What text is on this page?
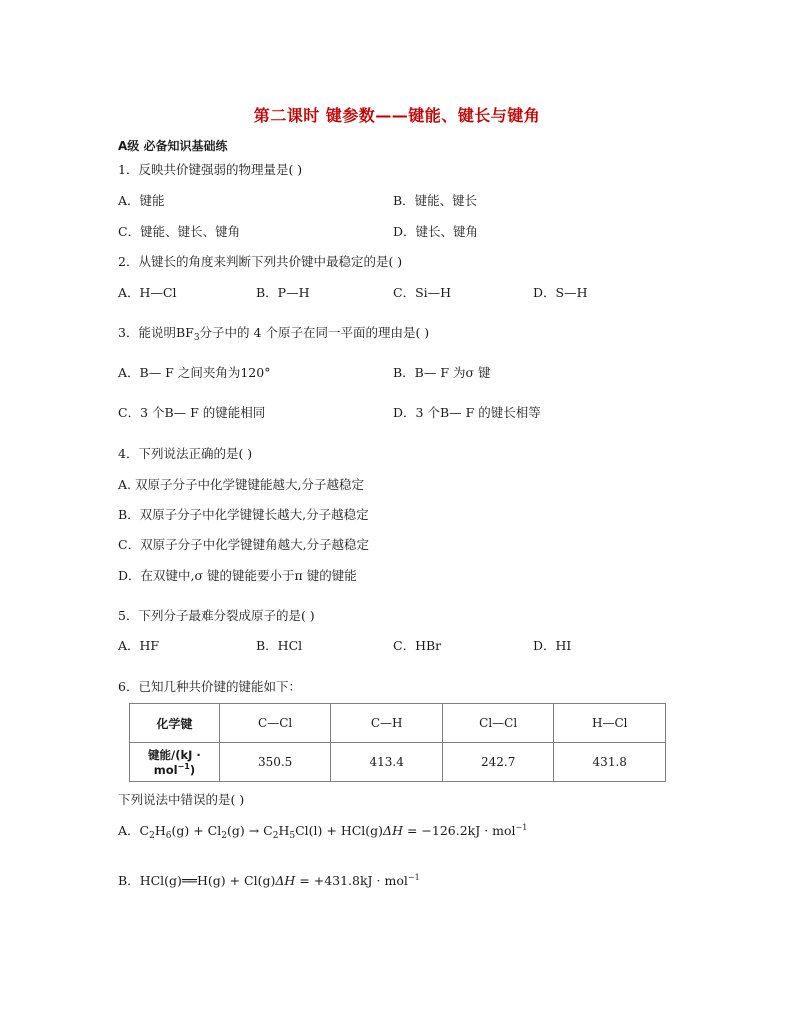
第二课时 键参数——键能、键长与键角
A级 必备知识基础练
1．反映共价键强弱的物理量是( )
A．键能	B．键能、键长
C．键能、键长、键角	D．键长、键角
2．从键长的角度来判断下列共价键中最稳定的是( )
A．H—Cl	B．P—H	C．Si—H	D．S—H
3．能说明$BF_3$分子中的 4 个原子在同一平面的理由是( )
A．B— F 之间夹角为120°	B．B— F 为σ 键
C．3 个B— F 的键能相同	D．3 个B— F 的键长相等
4．下列说法正确的是( )
A. 双原子分子中化学键键能越大,分子越稳定
B．双原子分子中化学键键长越大,分子越稳定
C．双原子分子中化学键键角越大,分子越稳定
D．在双键中,σ 键的键能要小于π 键的键能
5．下列分子最难分裂成原子的是( )
A．HF	B．HCl	C．HBr	D．HI
6．已知几种共价键的键能如下：
化学键	C—Cl	C—H	Cl—Cl	H—Cl
键能/(kJ · mol$^{-1}$)	350.5	413.4	242.7	431.8
下列说法中错误的是( )
A．$C_2H_6(g) + Cl_2(g) \to C_2H_5Cl(l) + HCl(g)\Delta H = -126.2kJ \cdot mol^{-1}$
B．HCl(g)══H(g) + Cl(g)ΔH = +431.8kJ · mol$^{-1}$
